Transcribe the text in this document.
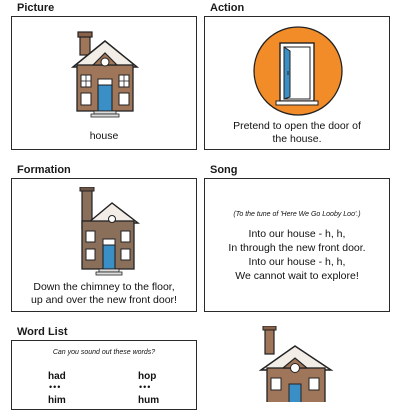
Picture
house
Action
Pretend to open the door of
the house.
Formation
Down the chimney to the floor,
up and over the new front door!
Song
(To the tune of 'Here We Go Looby Loo'.)
Into our house - h, h,
In through the new front door.
Into our house - h, h,
We cannot wait to explore!
Word List
Can you sound out these words?
had
•••
hop
•••
him	hum
